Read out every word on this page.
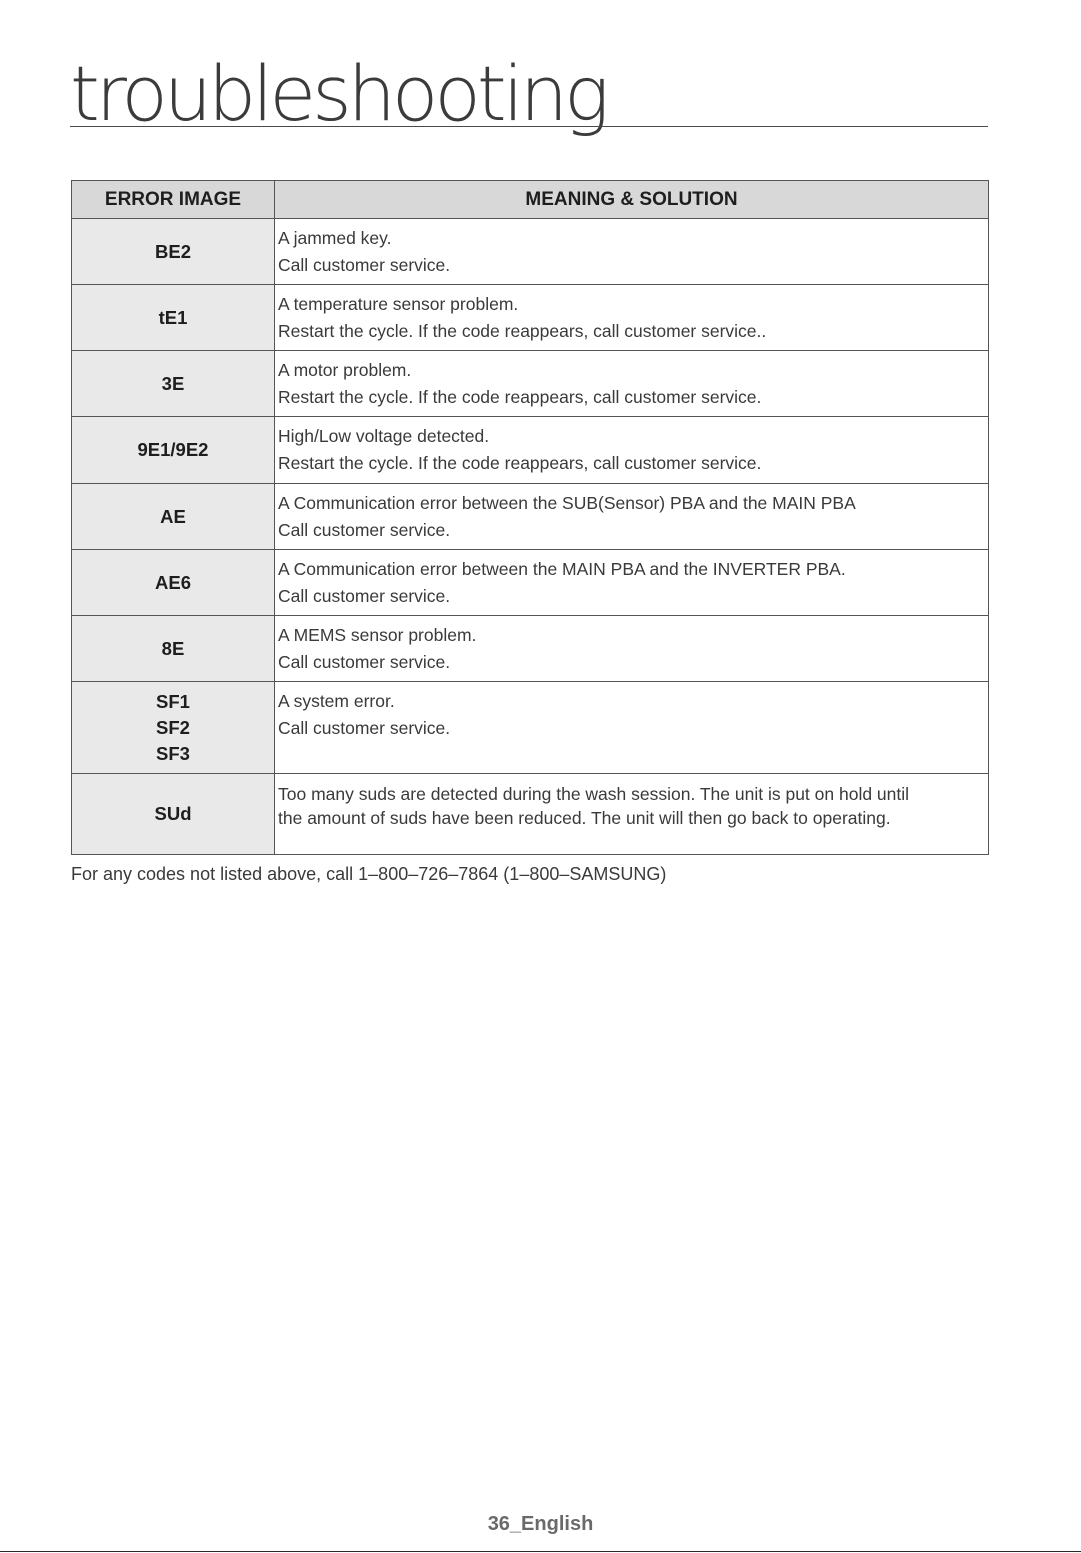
troubleshooting
ERROR IMAGE	MEANING & SOLUTION

BE2	A jammed key.
Call customer service.

tE1	A temperature sensor problem.
Restart the cycle. If the code reappears, call customer service..

3E	A motor problem.
Restart the cycle. If the code reappears, call customer service.

9E1/9E2	High/Low voltage detected.
Restart the cycle. If the code reappears, call customer service.

AE	A Communication error between the SUB(Sensor) PBA and the MAIN PBA
Call customer service.

AE6	A Communication error between the MAIN PBA and the INVERTER PBA.
Call customer service.

8E	A MEMS sensor problem.
Call customer service.

SF1
SF2
SF3	A system error.
Call customer service.

SUd	Too many suds are detected during the wash session. The unit is put on hold until
the amount of suds have been reduced. The unit will then go back to operating.

For any codes not listed above, call 1–800–726–7864 (1–800–SAMSUNG)

36_English
